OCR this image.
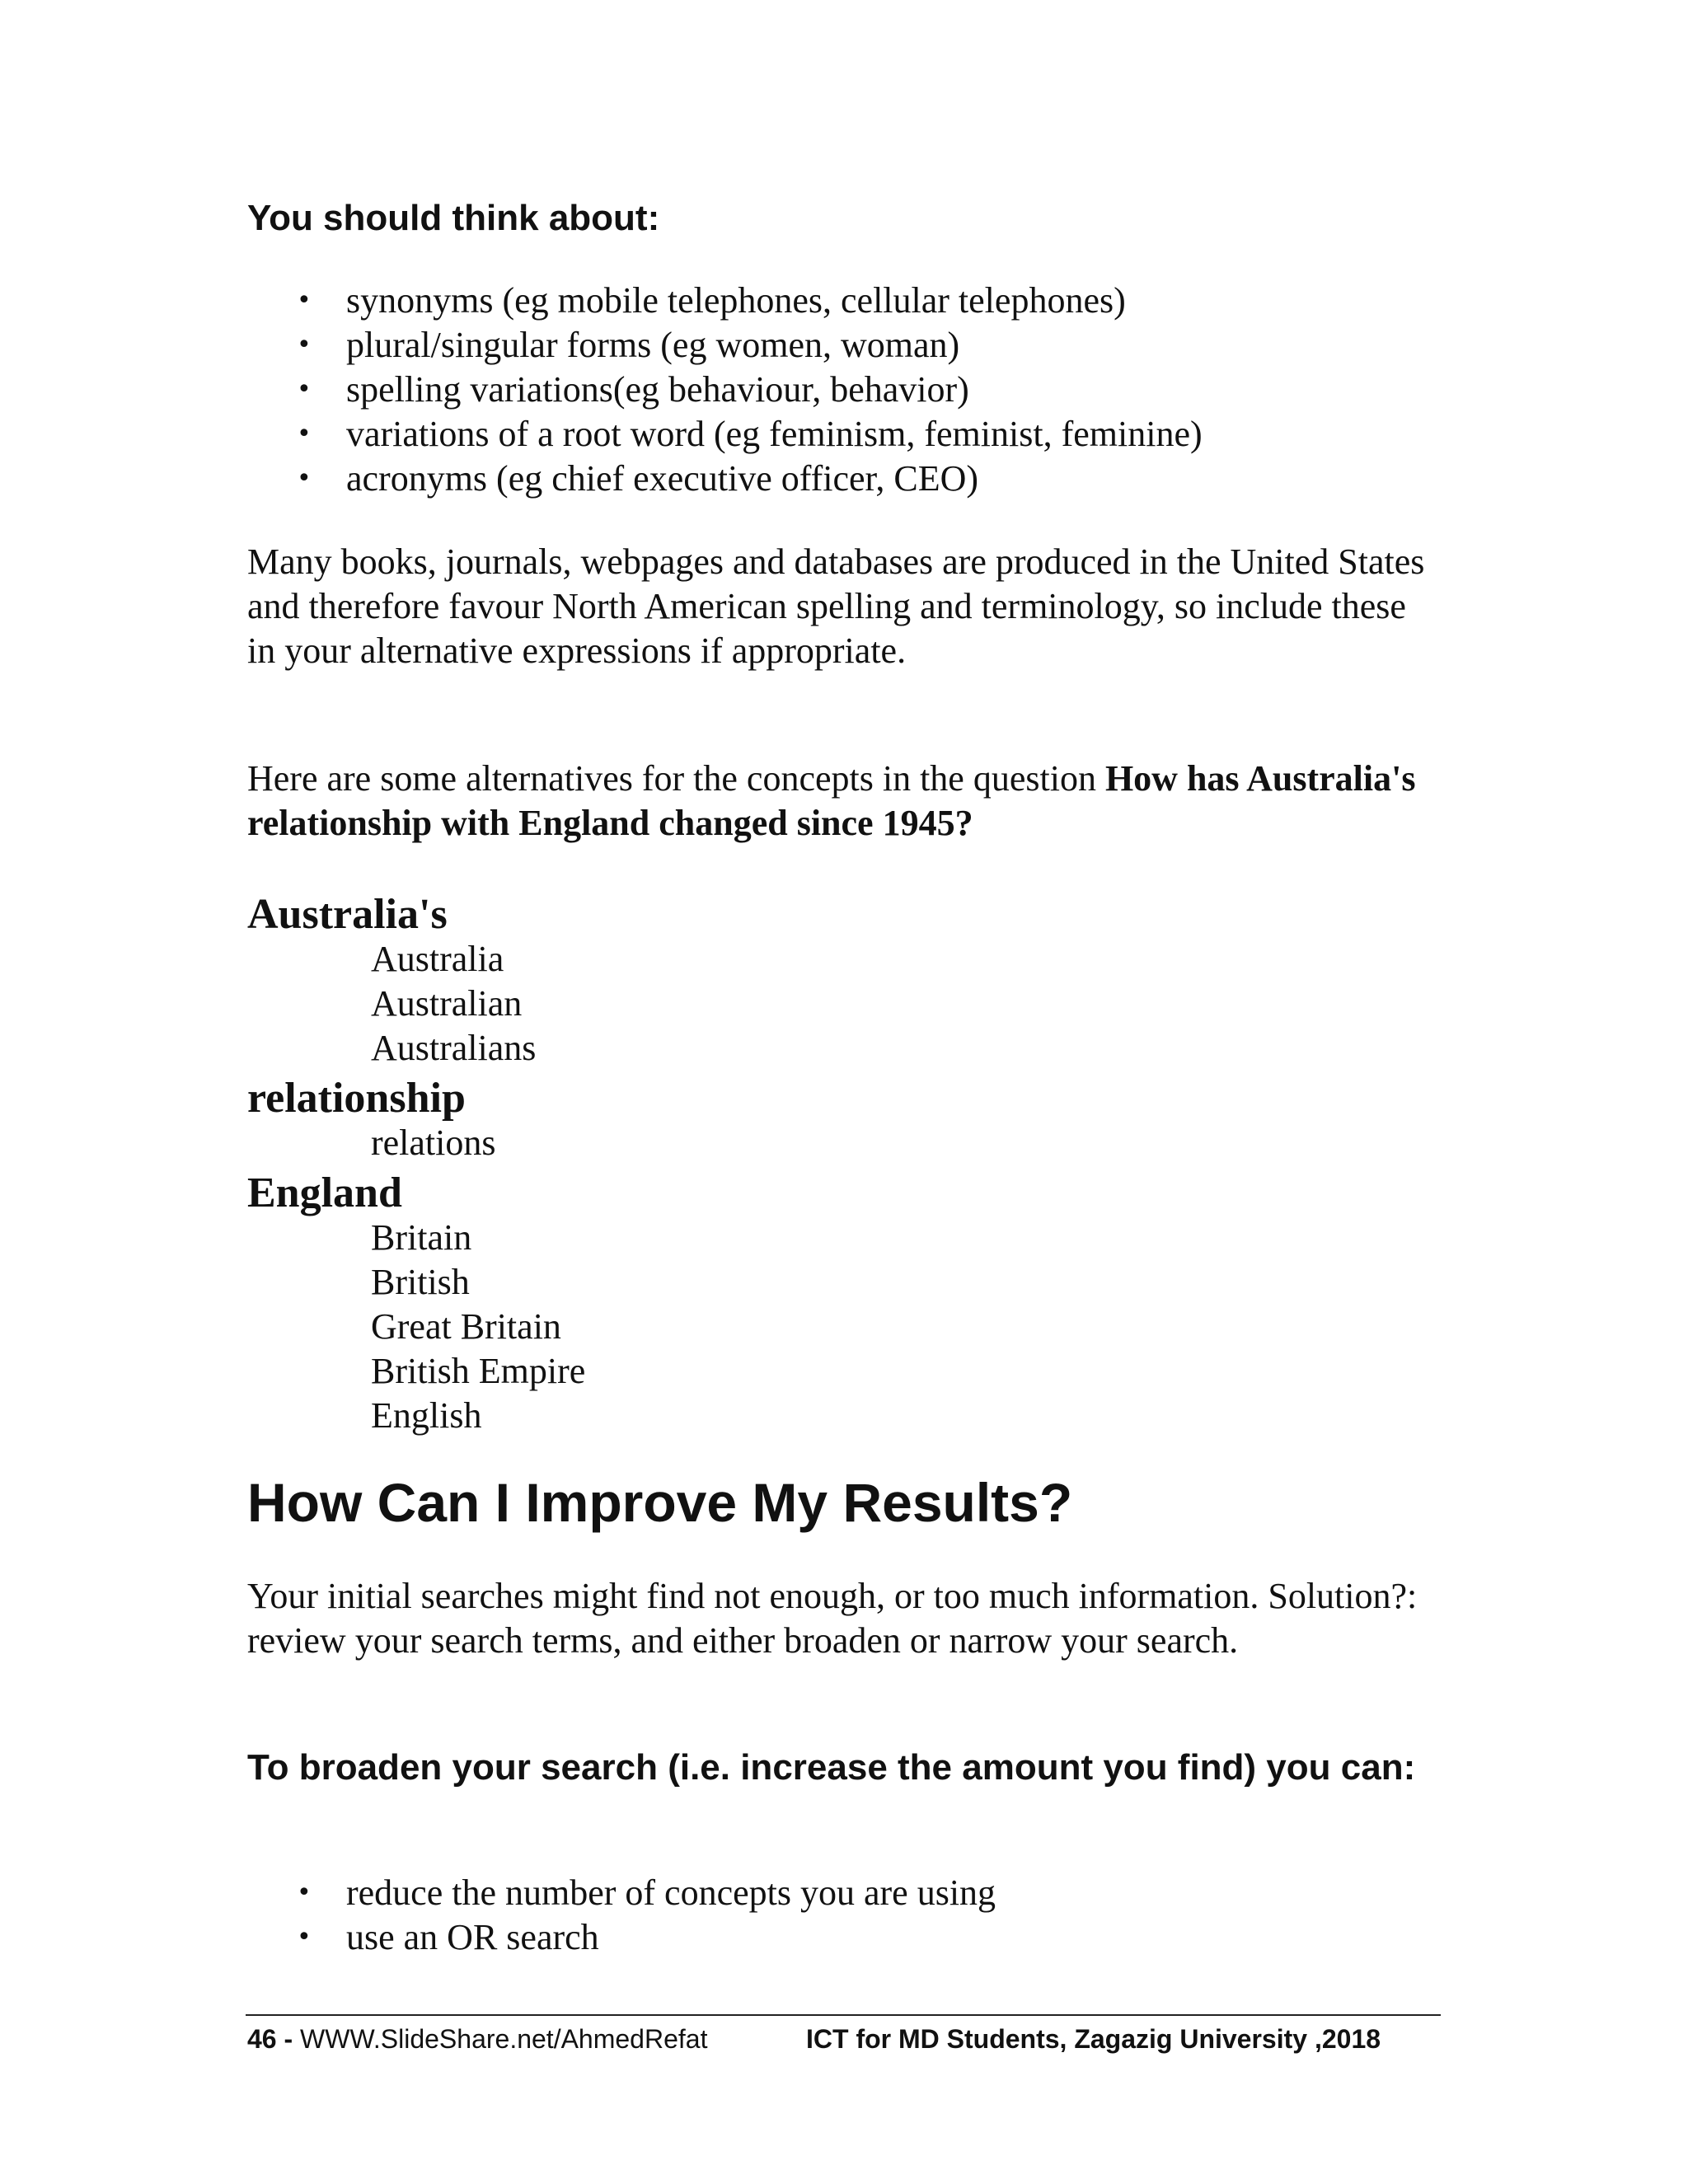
You should think about:
• synonyms (eg mobile telephones, cellular telephones)
• plural/singular forms (eg women, woman)
• spelling variations(eg behaviour, behavior)
• variations of a root word (eg feminism, feminist, feminine)
• acronyms (eg chief executive officer, CEO)

Many books, journals, webpages and databases are produced in the United States and therefore favour North American spelling and terminology, so include these in your alternative expressions if appropriate.

Here are some alternatives for the concepts in the question How has Australia's relationship with England changed since 1945?

Australia's
Australia
Australian
Australians
relationship
relations
England
Britain
British
Great Britain
British Empire
English
How Can I Improve My Results?

Your initial searches might find not enough, or too much information. Solution?: review your search terms, and either broaden or narrow your search.

To broaden your search (i.e. increase the amount you find) you can:
• reduce the number of concepts you are using
• use an OR search
46 - WWW.SlideShare.net/AhmedRefat	ICT for MD Students, Zagazig University ,2018
